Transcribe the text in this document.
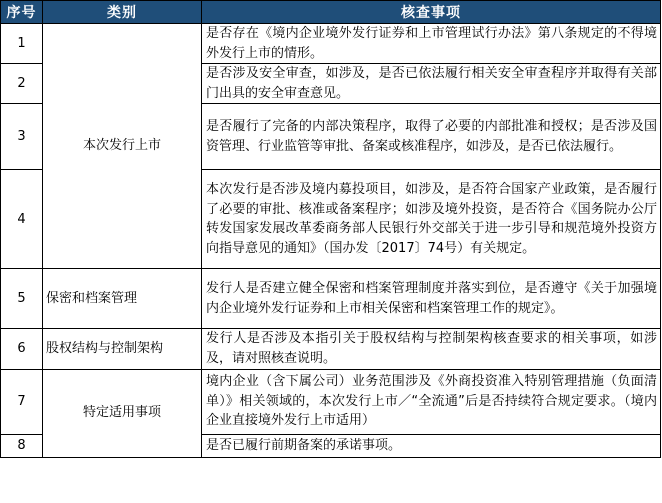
序号	类别	核查事项
1	本次发行上市	是否存在《境内企业境外发行证券和上市管理试行办法》第八条规定的不得境外发行上市的情形。
2		是否涉及安全审查，如涉及，是否已依法履行相关安全审查程序并取得有关部门出具的安全审查意见。
3		是否履行了完备的内部决策程序，取得了必要的内部批准和授权；是否涉及国资管理、行业监管等审批、备案或核准程序，如涉及，是否已依法履行。
4		本次发行是否涉及境内募投项目，如涉及，是否符合国家产业政策，是否履行了必要的审批、核准或备案程序；如涉及境外投资，是否符合《国务院办公厅转发国家发展改革委商务部人民银行外交部关于进一步引导和规范境外投资方向指导意见的通知》（国办发〔2017〕74号）有关规定。
5	保密和档案管理	发行人是否建立健全保密和档案管理制度并落实到位，是否遵守《关于加强境内企业境外发行证券和上市相关保密和档案管理工作的规定》。
6	股权结构与控制架构	发行人是否涉及本指引关于股权结构与控制架构核查要求的相关事项，如涉及，请对照核查说明。
7	特定适用事项	境内企业（含下属公司）业务范围涉及《外商投资准入特别管理措施（负面清单）》相关领域的，本次发行上市／“全流通”后是否持续符合规定要求。（境内企业直接境外发行上市适用）
8		是否已履行前期备案的承诺事项。
